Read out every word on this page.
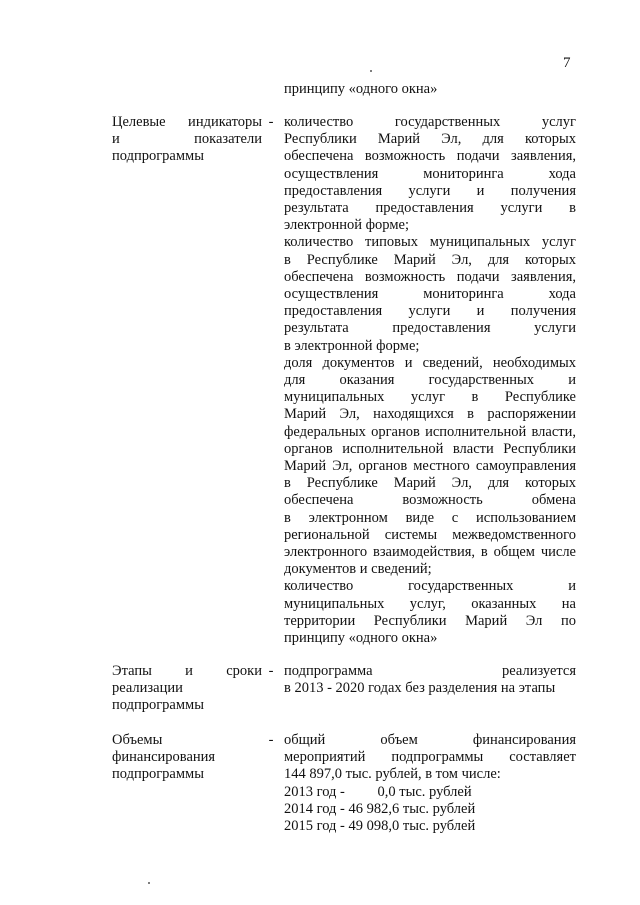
7
принципу «одного окна»
Целевые индикаторы
и показатели
подпрограммы
- количество государственных услуг
Республики Марий Эл, для которых
обеспечена возможность подачи заявления,
осуществления мониторинга хода
предоставления услуги и получения
результата предоставления услуги в
электронной форме;
количество типовых муниципальных услуг
в Республике Марий Эл, для которых
обеспечена возможность подачи заявления,
осуществления мониторинга хода
предоставления услуги и получения
результата предоставления услуги
в электронной форме;
доля документов и сведений, необходимых
для оказания государственных и
муниципальных услуг в Республике
Марий Эл, находящихся в распоряжении
федеральных органов исполнительной власти,
органов исполнительной власти Республики
Марий Эл, органов местного самоуправления
в Республике Марий Эл, для которых
обеспечена возможность обмена
в электронном виде с использованием
региональной системы межведомственного
электронного взаимодействия, в общем числе
документов и сведений;
количество государственных и
муниципальных услуг, оказанных на
территории Республики Марий Эл по
принципу «одного окна»
Этапы и сроки
реализации
подпрограммы
- подпрограмма реализуется
в 2013 - 2020 годах без разделения на этапы
Объемы
финансирования
подпрограммы
- общий объем финансирования
мероприятий подпрограммы составляет
144 897,0 тыс. рублей, в том числе:
2013 год -         0,0 тыс. рублей
2014 год - 46 982,6 тыс. рублей
2015 год - 49 098,0 тыс. рублей
